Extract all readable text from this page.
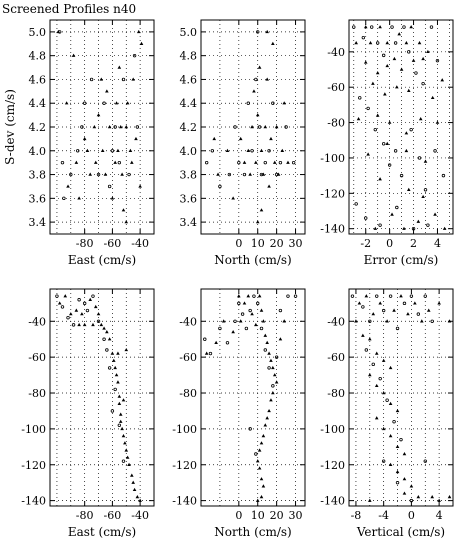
Screened Profiles n40
-80 -60 -40
3.4
3.6
3.8
4.0
4.2
4.4
4.6
4.8
5.0
East (cm/s)
S-dev (cm/s)
0 10 20 30
3.4
3.6
3.8
4.0
4.2
4.4
4.6
4.8
5.0
North (cm/s)
-2 0 2 4
-140
-120
-100
-80
-60
-40
Error (cm/s)
-80 -60 -40
-140
-120
-100
-80
-60
-40
East (cm/s)
0 10 20 30
-140
-120
-100
-80
-60
-40
North (cm/s)
-8 -4 0 4
-140
-120
-100
-80
-60
-40
Vertical (cm/s)
